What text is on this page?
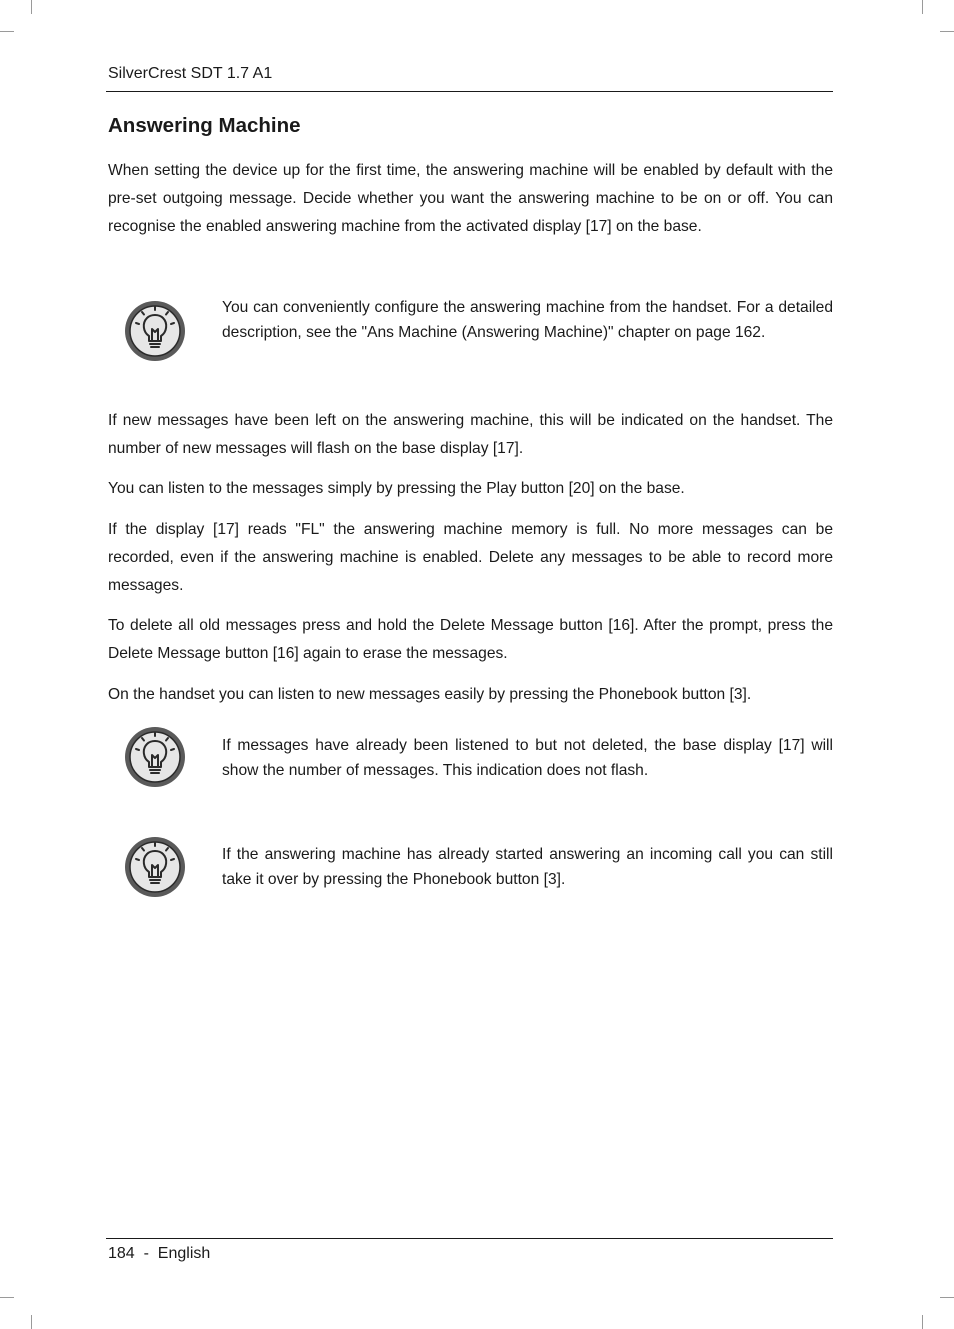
SilverCrest SDT 1.7 A1
Answering Machine

When setting the device up for the first time, the answering machine will be enabled by default with the pre-set outgoing message. Decide whether you want the answering machine to be on or off. You can recognise the enabled answering machine from the activated display [17] on the base.

You can conveniently configure the answering machine from the handset. For a detailed description, see the "Ans Machine (Answering Machine)" chapter on page 162.

If new messages have been left on the answering machine, this will be indicated on the handset. The number of new messages will flash on the base display [17].

You can listen to the messages simply by pressing the Play button [20] on the base.

If the display [17] reads "FL" the answering machine memory is full. No more messages can be recorded, even if the answering machine is enabled. Delete any messages to be able to record more messages.

To delete all old messages press and hold the Delete Message button [16]. After the prompt, press the Delete Message button [16] again to erase the messages.

On the handset you can listen to new messages easily by pressing the Phonebook button [3].

If messages have already been listened to but not deleted, the base display [17] will show the number of messages. This indication does not flash.

If the answering machine has already started answering an incoming call you can still take it over by pressing the Phonebook button [3].

184  -  English
